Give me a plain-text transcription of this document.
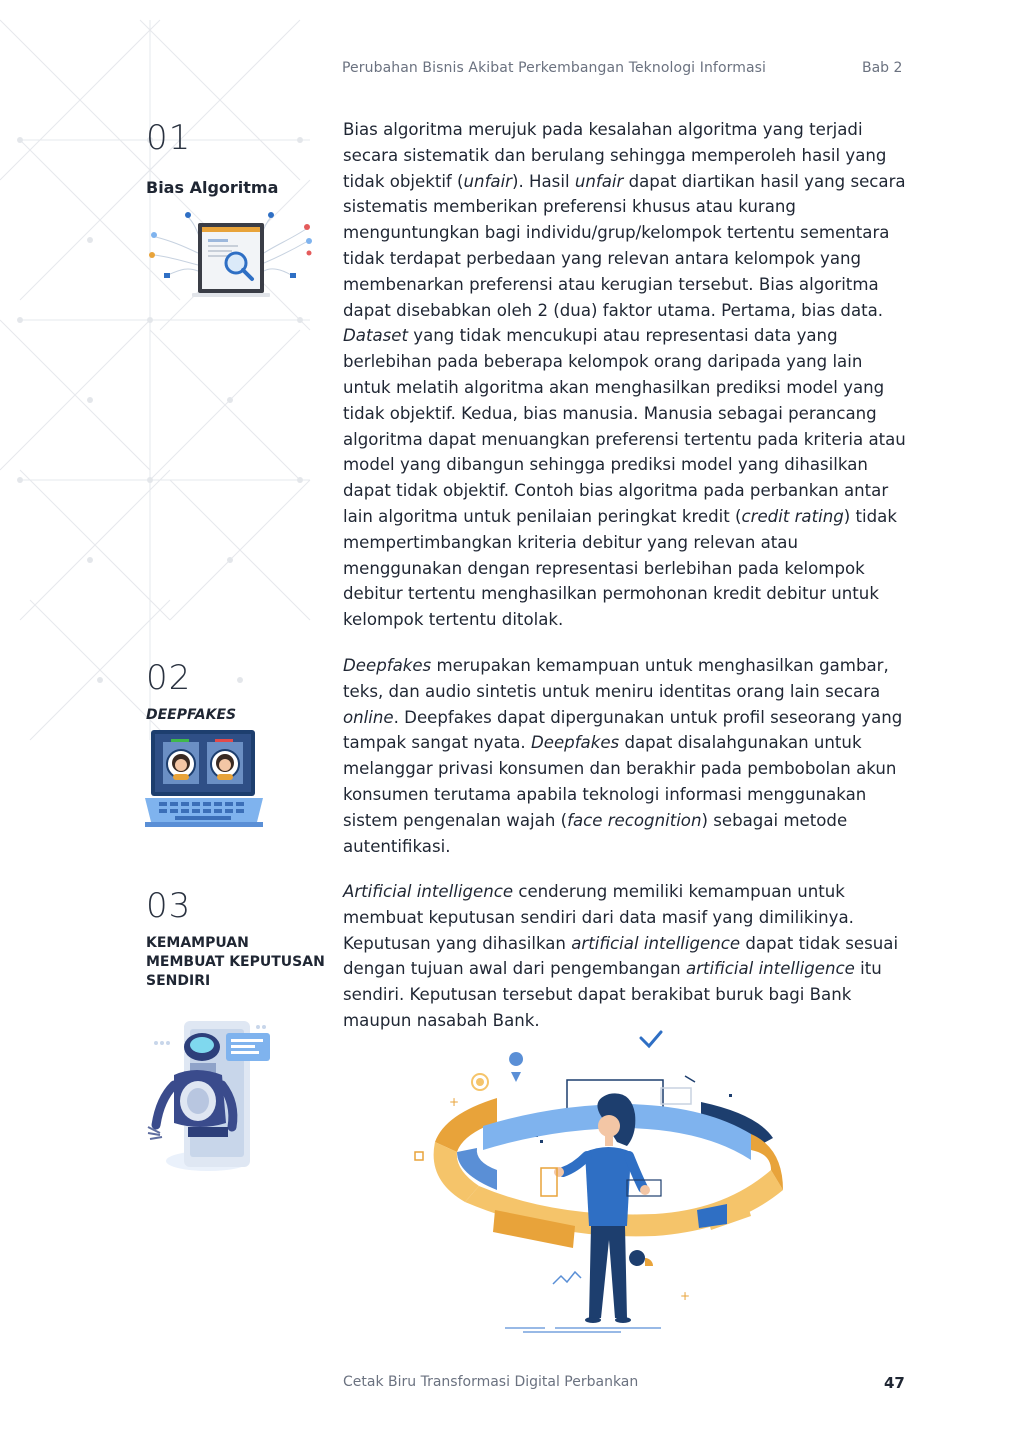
Perubahan Bisnis Akibat Perkembangan Teknologi Informasi	Bab 2
01
Bias Algoritma

Bias algoritma merujuk pada kesalahan algoritma yang terjadi secara sistematik dan berulang sehingga memperoleh hasil yang tidak objektif (unfair). Hasil unfair dapat diartikan hasil yang secara sistematis memberikan preferensi khusus atau kurang menguntungkan bagi individu/grup/kelompok tertentu sementara tidak terdapat perbedaan yang relevan antara kelompok yang membenarkan preferensi atau kerugian tersebut. Bias algoritma dapat disebabkan oleh 2 (dua) faktor utama. Pertama, bias data. Dataset yang tidak mencukupi atau representasi data yang berlebihan pada beberapa kelompok orang daripada yang lain untuk melatih algoritma akan menghasilkan prediksi model yang tidak objektif. Kedua, bias manusia. Manusia sebagai perancang algoritma dapat menuangkan preferensi tertentu pada kriteria atau model yang dibangun sehingga prediksi model yang dihasilkan dapat tidak objektif. Contoh bias algoritma pada perbankan antar lain algoritma untuk penilaian peringkat kredit (credit rating) tidak mempertimbangkan kriteria debitur yang relevan atau menggunakan dengan representasi berlebihan pada kelompok debitur tertentu menghasilkan permohonan kredit debitur untuk kelompok tertentu ditolak.

02
DEEPFAKES

Deepfakes merupakan kemampuan untuk menghasilkan gambar, teks, dan audio sintetis untuk meniru identitas orang lain secara online. Deepfakes dapat dipergunakan untuk profil seseorang yang tampak sangat nyata. Deepfakes dapat disalahgunakan untuk melanggar privasi konsumen dan berakhir pada pembobolan akun konsumen terutama apabila teknologi informasi menggunakan sistem pengenalan wajah (face recognition) sebagai metode autentifikasi.

03
KEMAMPUAN MEMBUAT KEPUTUSAN SENDIRI

Artificial intelligence cenderung memiliki kemampuan untuk membuat keputusan sendiri dari data masif yang dimilikinya. Keputusan yang dihasilkan artificial intelligence dapat tidak sesuai dengan tujuan awal dari pengembangan artificial intelligence itu sendiri. Keputusan tersebut dapat berakibat buruk bagi Bank maupun nasabah Bank.

+
+
Cetak Biru Transformasi Digital Perbankan	47
